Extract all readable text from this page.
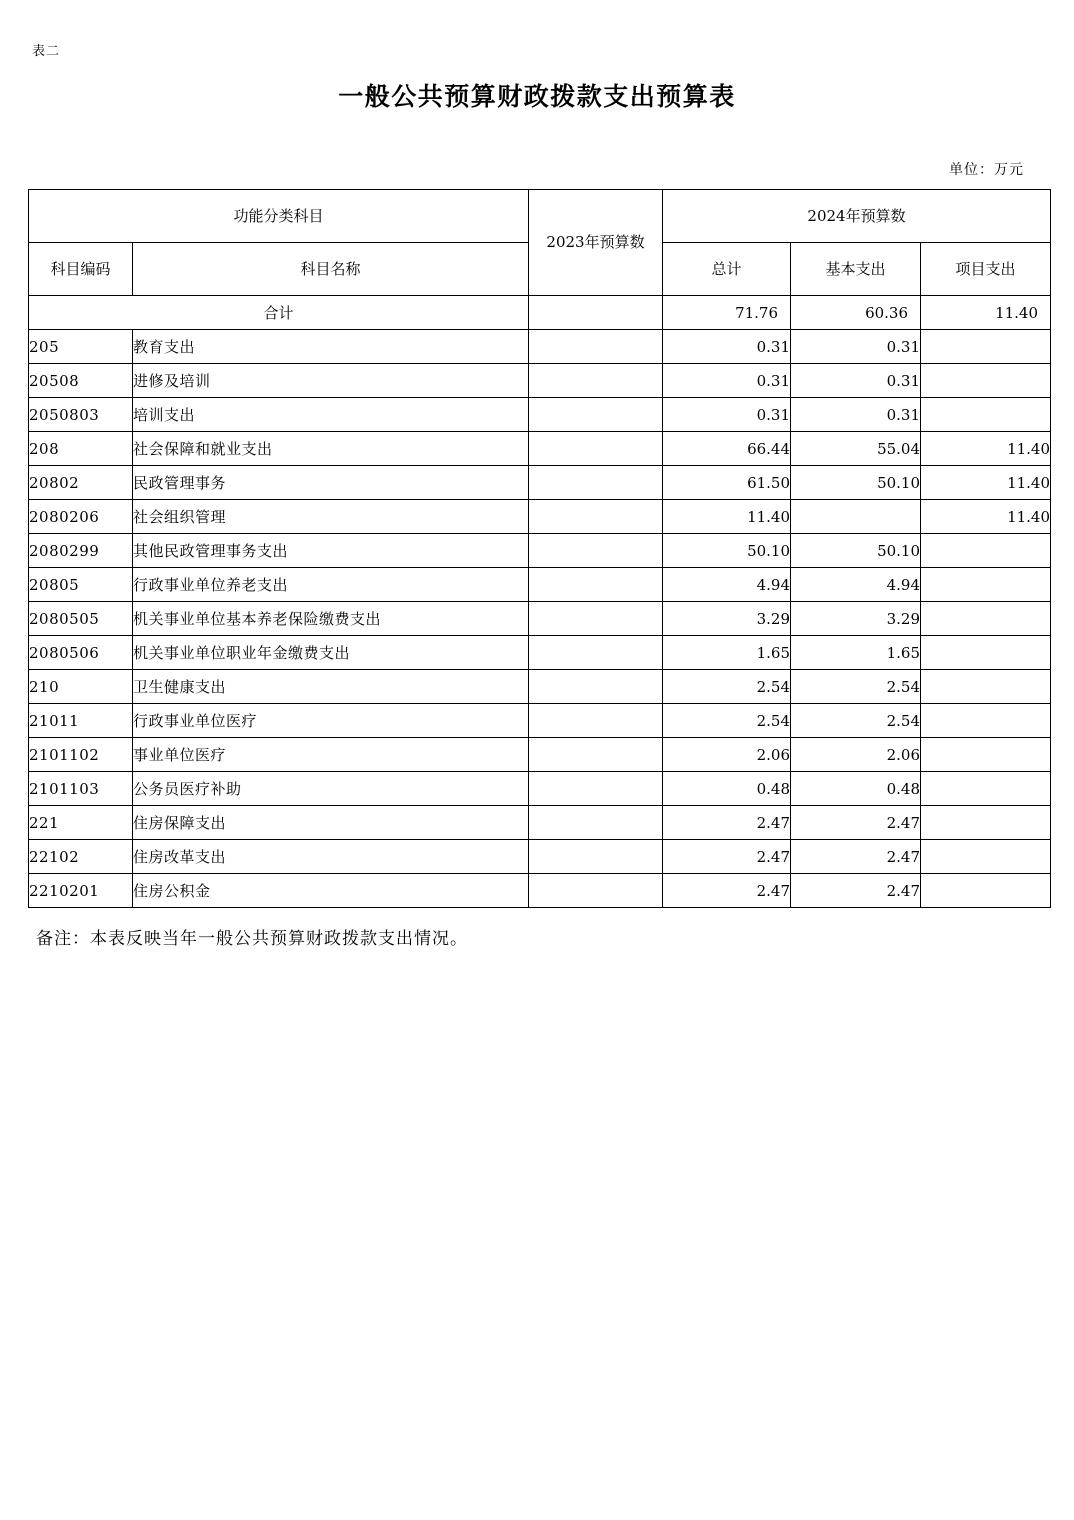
表二
一般公共预算财政拨款支出预算表
单位：万元
功能分类科目		2023年预算数	2024年预算数		
科目编码	科目名称		总计	基本支出	项目支出
合计			71.76	60.36	11.40
205	教育支出		0.31	0.31	
20508	进修及培训		0.31	0.31	
2050803	培训支出		0.31	0.31	
208	社会保障和就业支出		66.44	55.04	11.40
20802	民政管理事务		61.50	50.10	11.40
2080206	社会组织管理		11.40		11.40
2080299	其他民政管理事务支出		50.10	50.10	
20805	行政事业单位养老支出		4.94	4.94	
2080505	机关事业单位基本养老保险缴费支出		3.29	3.29	
2080506	机关事业单位职业年金缴费支出		1.65	1.65	
210	卫生健康支出		2.54	2.54	
21011	行政事业单位医疗		2.54	2.54	
2101102	事业单位医疗		2.06	2.06	
2101103	公务员医疗补助		0.48	0.48	
221	住房保障支出		2.47	2.47	
22102	住房改革支出		2.47	2.47	
2210201	住房公积金		2.47	2.47	
备注：本表反映当年一般公共预算财政拨款支出情况。
